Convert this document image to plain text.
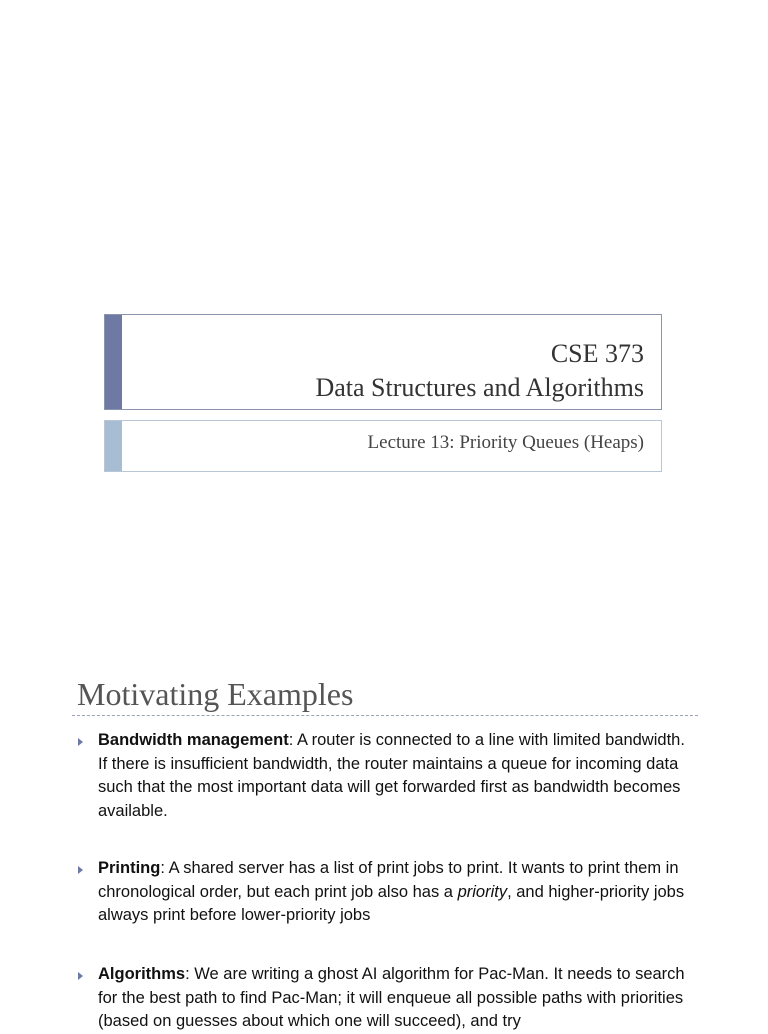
CSE 373
Data Structures and Algorithms
Lecture 13: Priority Queues (Heaps)
Motivating Examples
Bandwidth management: A router is connected to a line with limited bandwidth. If there is insufficient bandwidth, the router maintains a queue for incoming data such that the most important data will get forwarded first as bandwidth becomes available.
Printing: A shared server has a list of print jobs to print. It wants to print them in chronological order, but each print job also has a priority, and higher-priority jobs always print before lower-priority jobs
Algorithms: We are writing a ghost AI algorithm for Pac-Man. It needs to search for the best path to find Pac-Man; it will enqueue all possible paths with priorities (based on guesses about which one will succeed), and try
